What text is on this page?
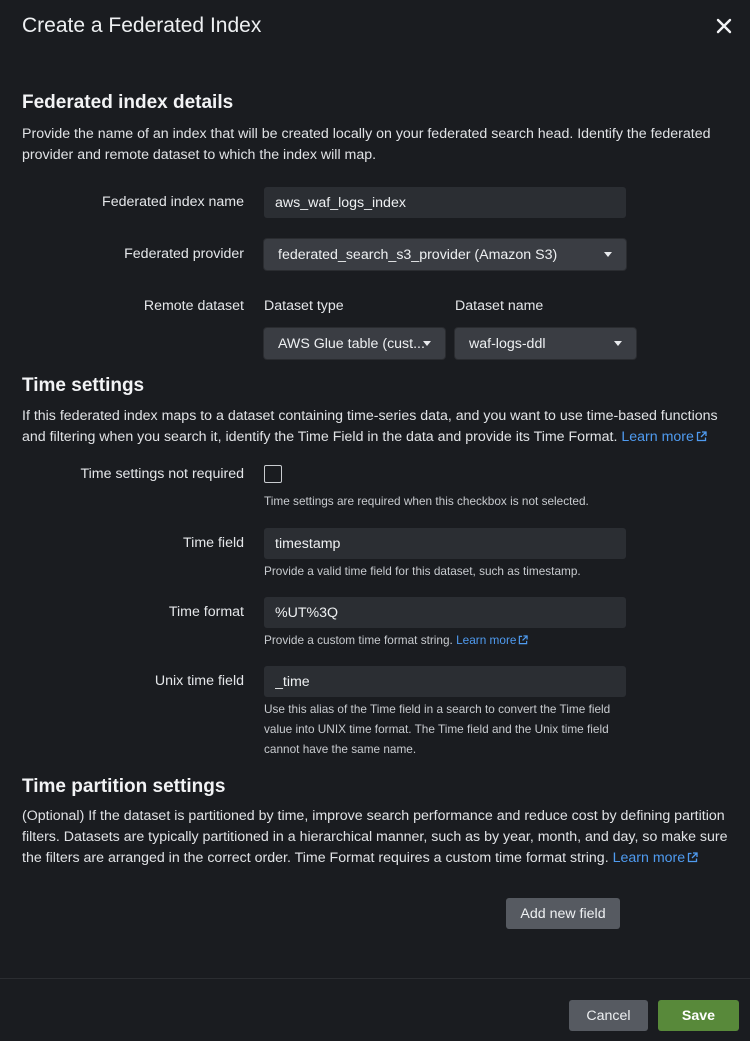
Create a Federated Index
Federated index details
Provide the name of an index that will be created locally on your federated search head. Identify the federated provider and remote dataset to which the index will map.
Federated index name
aws_waf_logs_index
Federated provider federated_search_s3_provider (Amazon S3)
Remote dataset Dataset type	Dataset name
AWS Glue table (cust...	waf-logs-ddl
Time settings
If this federated index maps to a dataset containing time-series data, and you want to use time-based functions and filtering when you search it, identify the Time Field in the data and provide its Time Format. Learn more
Time settings not required
Time settings are required when this checkbox is not selected.
Time field
timestamp
Provide a valid time field for this dataset, such as timestamp.
Time format
%UT%3Q
Provide a custom time format string. Learn more
Unix time field
_time
Use this alias of the Time field in a search to convert the Time field value into UNIX time format. The Time field and the Unix time field cannot have the same name.
Time partition settings
(Optional) If the dataset is partitioned by time, improve search performance and reduce cost by defining partition filters. Datasets are typically partitioned in a hierarchical manner, such as by year, month, and day, so make sure the filters are arranged in the correct order. Time Format requires a custom time format string. Learn more
Add new field
Cancel	Save
